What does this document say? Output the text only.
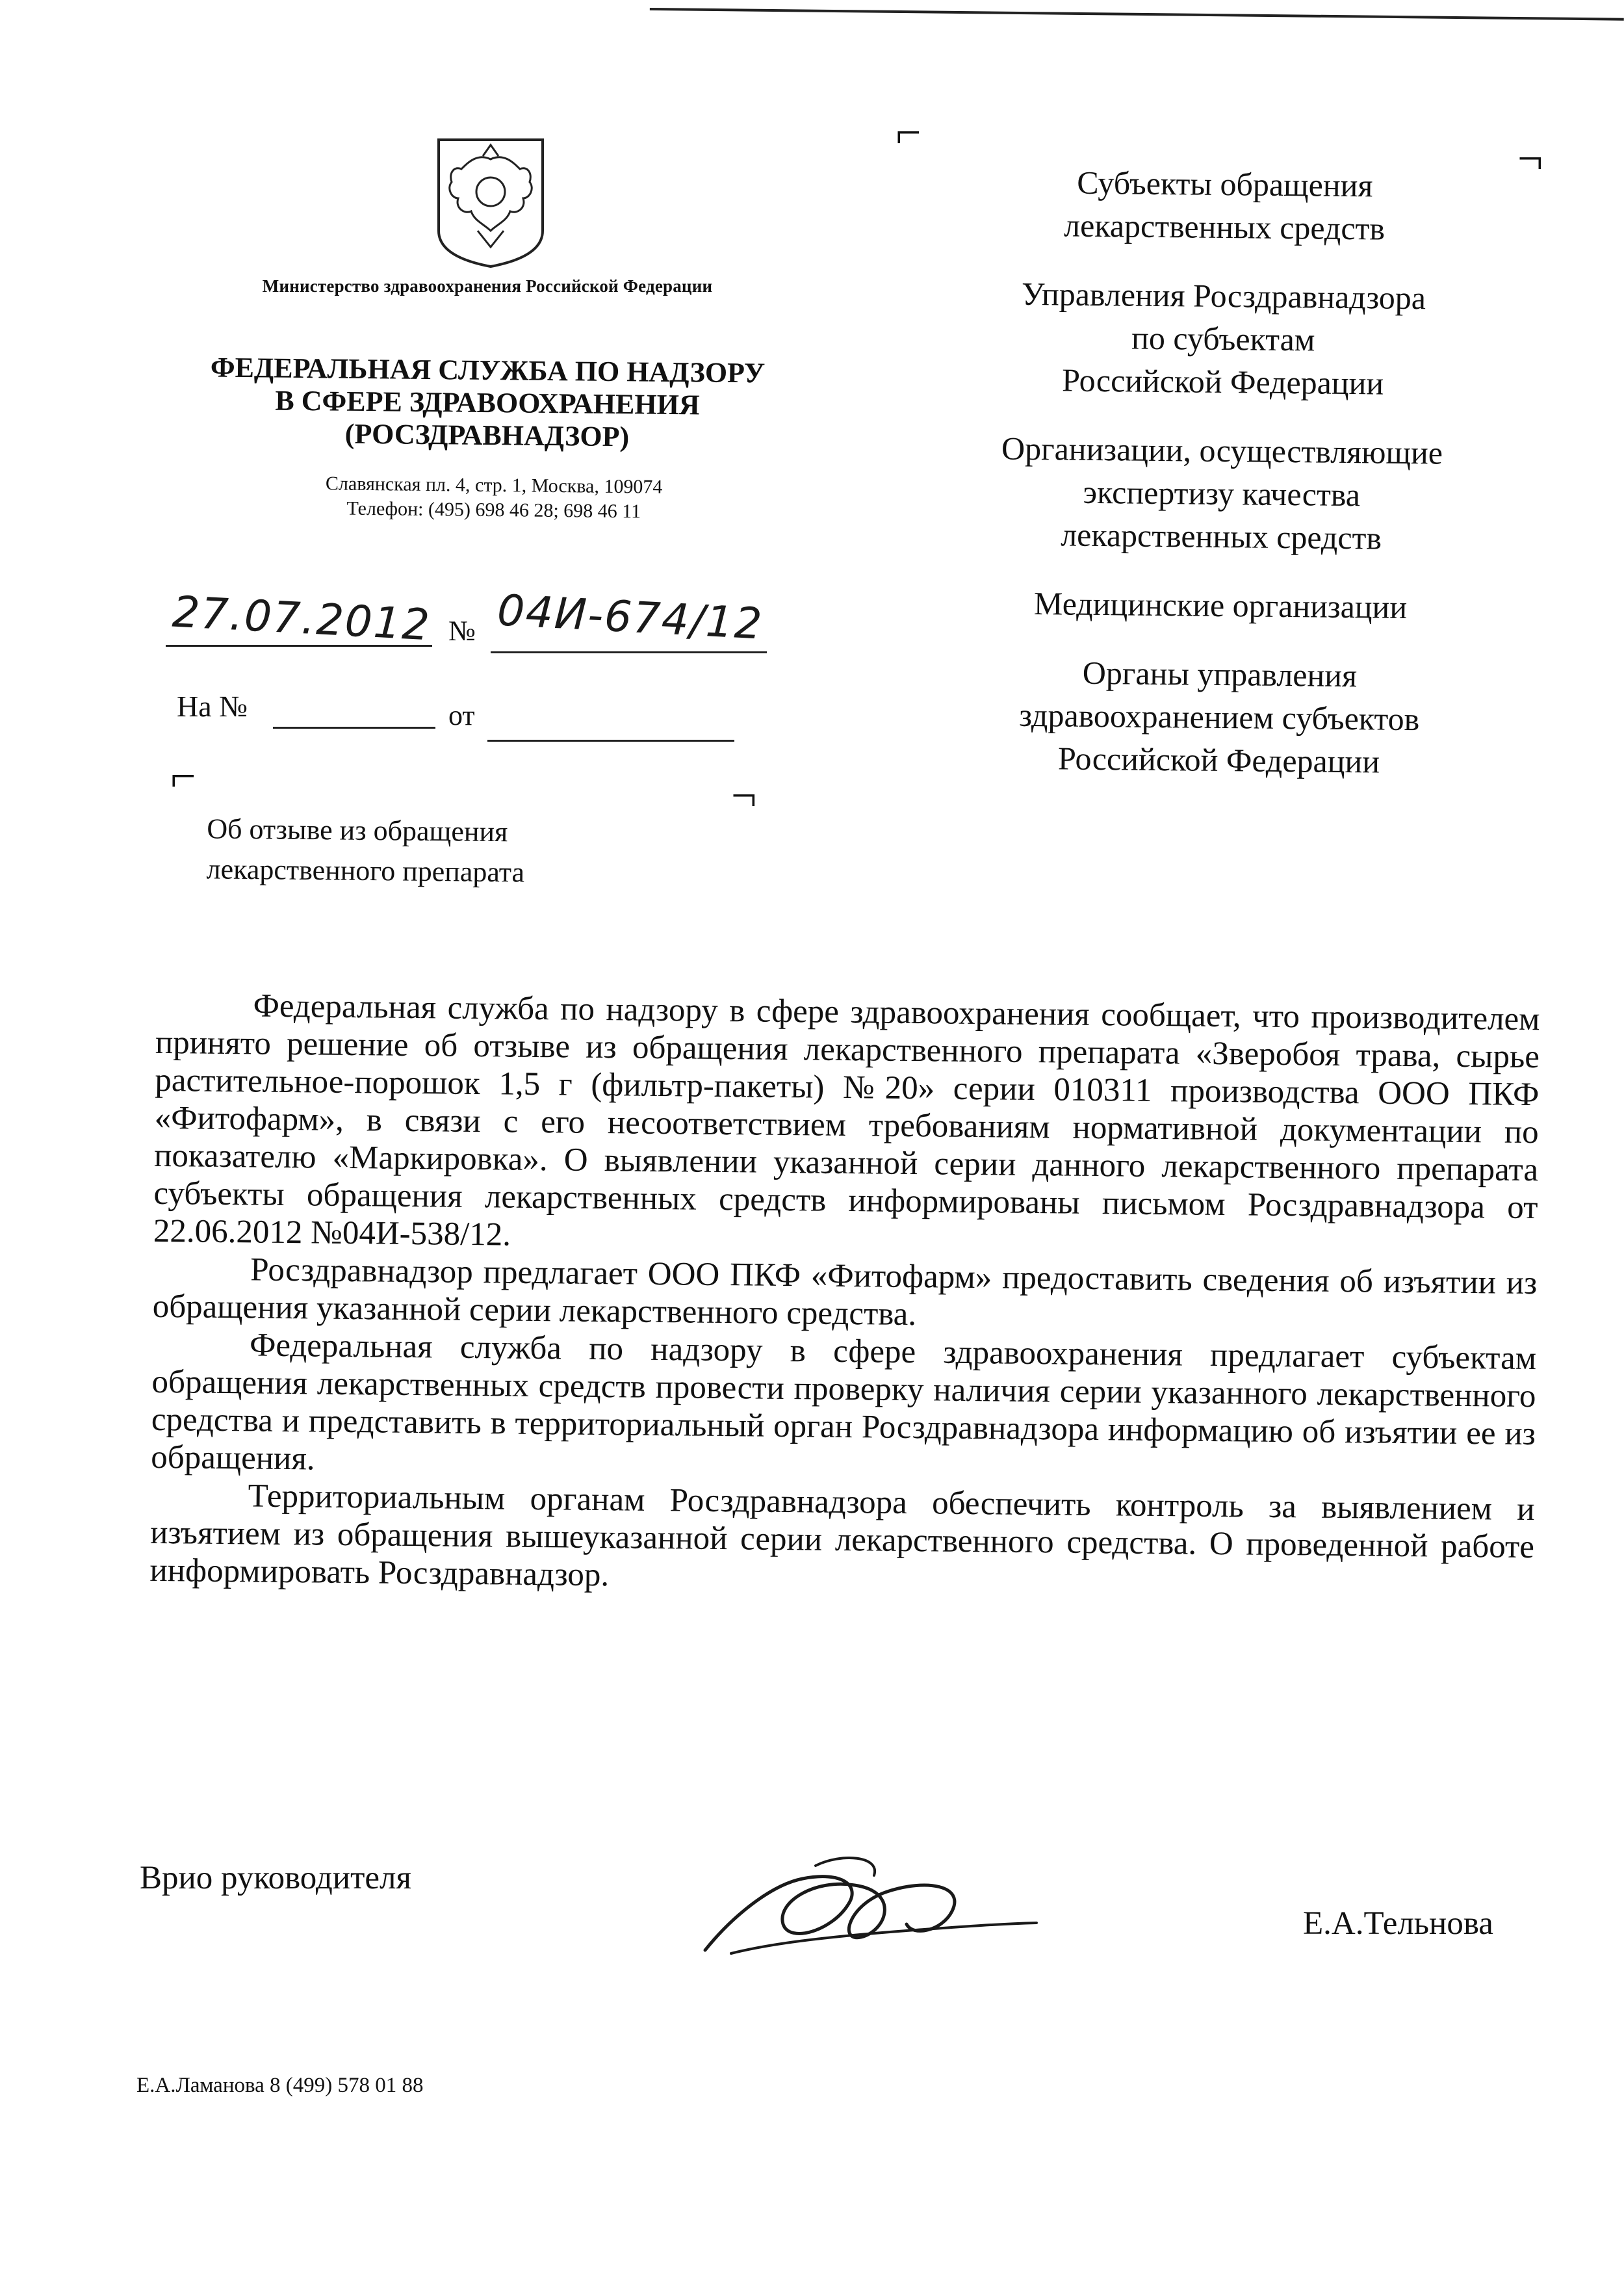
Министерство здравоохранения Российской Федерации
ФЕДЕРАЛЬНАЯ СЛУЖБА ПО НАДЗОРУ
В СФЕРЕ ЗДРАВООХРАНЕНИЯ
(РОСЗДРАВНАДЗОР)
Славянская пл. 4, стр. 1, Москва, 109074
Телефон: (495) 698 46 28; 698 46 11
27.07.2012 № 04И-674/12
На №	от
⌐	¬
⌐
¬
Об отзыве из обращения
лекарственного препарата
Субъекты обращения
лекарственных средств
Управления Росздравнадзора
по субъектам
Российской Федерации
Организации, осуществляющие
экспертизу качества
лекарственных средств
Медицинские организации
Органы управления
здравоохранением субъектов
Российской Федерации

Федеральная служба по надзору в сфере здравоохранения сообщает, что производителем принято решение об отзыве из обращения лекарственного препарата «Зверобоя трава, сырье растительное-порошок 1,5 г (фильтр-пакеты) №20» серии 010311 производства ООО ПКФ «Фитофарм», в связи с его несоответствием требованиям нормативной документации по показателю «Маркировка». О выявлении указанной серии данного лекарственного препарата субъекты обращения лекарственных средств информированы письмом Росздравнадзора от 22.06.2012 №04И-538/12.

Росздравнадзор предлагает ООО ПКФ «Фитофарм» предоставить сведения об изъятии из обращения указанной серии лекарственного средства.

Федеральная служба по надзору в сфере здравоохранения предлагает субъектам обращения лекарственных средств провести проверку наличия серии указанного лекарственного средства и представить в территориальный орган Росздравнадзора информацию об изъятии ее из обращения.

Территориальным органам Росздравнадзора обеспечить контроль за выявлением и изъятием из обращения вышеуказанной серии лекарственного средства. О проведенной работе информировать Росздравнадзор.

Врио руководителя
Е.А.Тельнова
Е.А.Ламанова 8 (499) 578 01 88
